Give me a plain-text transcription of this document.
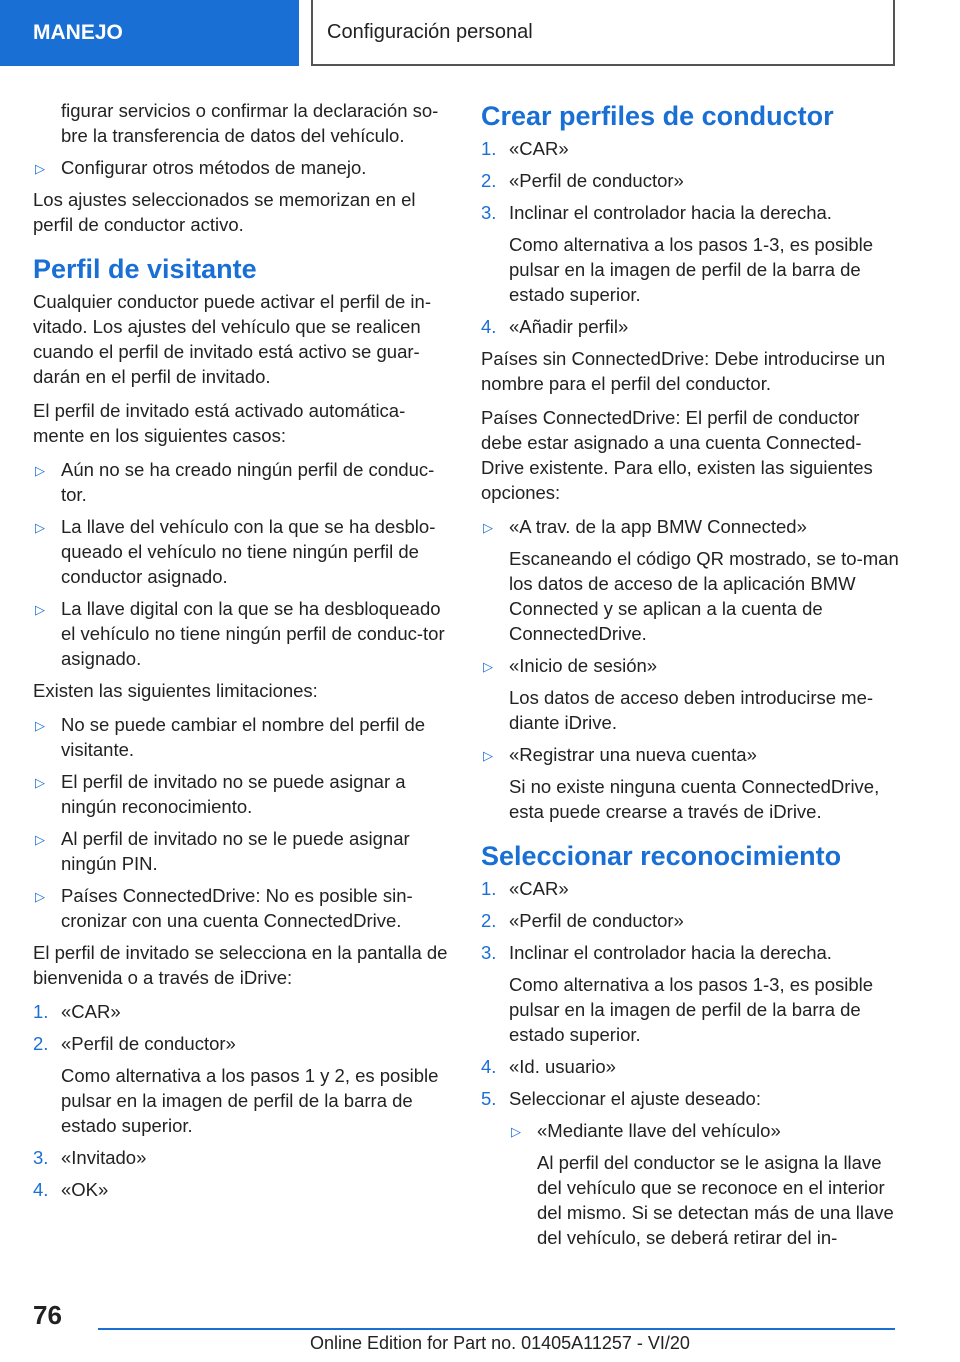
MANEJO	Configuración personal

figurar servicios o confirmar la declaración so-bre la transferencia de datos del vehículo.

▷ Configurar otros métodos de manejo.

Los ajustes seleccionados se memorizan en el perfil de conductor activo.

Perfil de visitante

Cualquier conductor puede activar el perfil de in-vitado. Los ajustes del vehículo que se realicen cuando el perfil de invitado está activo se guar-darán en el perfil de invitado.

El perfil de invitado está activado automática-mente en los siguientes casos:

▷ Aún no se ha creado ningún perfil de conduc-tor.
▷ La llave del vehículo con la que se ha desblo-queado el vehículo no tiene ningún perfil de conductor asignado.
▷ La llave digital con la que se ha desbloqueado el vehículo no tiene ningún perfil de conduc-tor asignado.

Existen las siguientes limitaciones:

▷ No se puede cambiar el nombre del perfil de visitante.
▷ El perfil de invitado no se puede asignar a ningún reconocimiento.
▷ Al perfil de invitado no se le puede asignar ningún PIN.
▷ Países ConnectedDrive: No es posible sin-cronizar con una cuenta ConnectedDrive.

El perfil de invitado se selecciona en la pantalla de bienvenida o a través de iDrive:

1. «CAR»
2. «Perfil de conductor»

Como alternativa a los pasos 1 y 2, es posible pulsar en la imagen de perfil de la barra de estado superior.

3. «Invitado»
4. «OK»
Crear perfiles de conductor
1. «CAR»
2. «Perfil de conductor»
3. Inclinar el controlador hacia la derecha.

Como alternativa a los pasos 1-3, es posible pulsar en la imagen de perfil de la barra de estado superior.

4. «Añadir perfil»

Países sin ConnectedDrive: Debe introducirse un nombre para el perfil del conductor.

Países ConnectedDrive: El perfil de conductor debe estar asignado a una cuenta Connected-Drive existente. Para ello, existen las siguientes opciones:

▷ «A trav. de la app BMW Connected»

Escaneando el código QR mostrado, se to-man los datos de acceso de la aplicación BMW Connected y se aplican a la cuenta de ConnectedDrive.

▷ «Inicio de sesión»

Los datos de acceso deben introducirse me-diante iDrive.

▷ «Registrar una nueva cuenta»

Si no existe ninguna cuenta ConnectedDrive, esta puede crearse a través de iDrive.

Seleccionar reconocimiento
1. «CAR»
2. «Perfil de conductor»
3. Inclinar el controlador hacia la derecha.

Como alternativa a los pasos 1-3, es posible pulsar en la imagen de perfil de la barra de estado superior.

4. «Id. usuario»
5. Seleccionar el ajuste deseado:
▷ «Mediante llave del vehículo»

Al perfil del conductor se le asigna la llave del vehículo que se reconoce en el interior del mismo. Si se detectan más de una llave del vehículo, se deberá retirar del in-

76
Online Edition for Part no. 01405A11257 - VI/20
